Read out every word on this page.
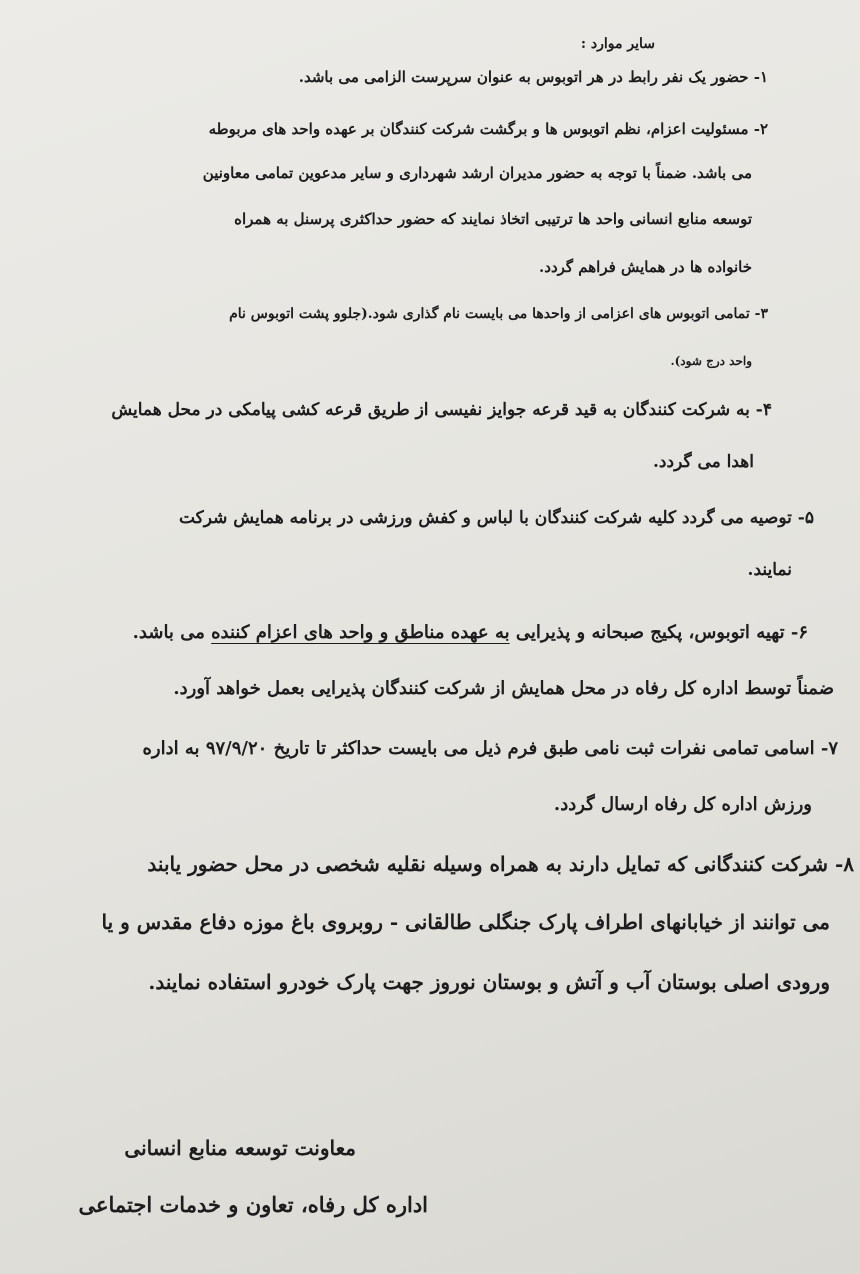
سایر موارد :
۱- حضور یک نفر رابط در هر اتوبوس به عنوان سرپرست الزامی می باشد.
۲- مسئولیت اعزام، نظم اتوبوس ها و برگشت شرکت کنندگان بر عهده واحد های مربوطه
می باشد. ضمناً با توجه به حضور مدیران ارشد شهرداری و سایر مدعوین تمامی معاونین
توسعه منابع انسانی واحد ها ترتیبی اتخاذ نمایند که حضور حداکثری پرسنل به همراه
خانواده ها در همایش فراهم گردد.
۳- تمامی اتوبوس های اعزامی از واحدها می بایست نام گذاری شود.(جلوو پشت اتوبوس نام
واحد درج شود).
۴- به شرکت کنندگان به قید قرعه جوایز نفیسی از طریق قرعه کشی پیامکی در محل همایش
اهدا می گردد.
۵- توصیه می گردد کلیه شرکت کنندگان با لباس و کفش ورزشی در برنامه همایش شرکت
نمایند.
۶- تهیه اتوبوس، پکیج صبحانه و پذیرایی به عهده مناطق و واحد های اعزام کننده می باشد.
ضمناً توسط اداره کل رفاه در محل همایش از شرکت کنندگان پذیرایی بعمل خواهد آورد.
۷- اسامی تمامی نفرات ثبت نامی طبق فرم ذیل می بایست حداکثر تا تاریخ ۹۷/۹/۲۰ به اداره
ورزش اداره کل رفاه ارسال گردد.
۸- شرکت کنندگانی که تمایل دارند به همراه وسیله نقلیه شخصی در محل حضور یابند
می توانند از خیابانهای اطراف پارک جنگلی طالقانی - روبروی باغ موزه دفاع مقدس و یا
ورودی اصلی بوستان آب و آتش و بوستان نوروز جهت پارک خودرو استفاده نمایند.
معاونت توسعه منابع انسانی
اداره کل رفاه، تعاون و خدمات اجتماعی
